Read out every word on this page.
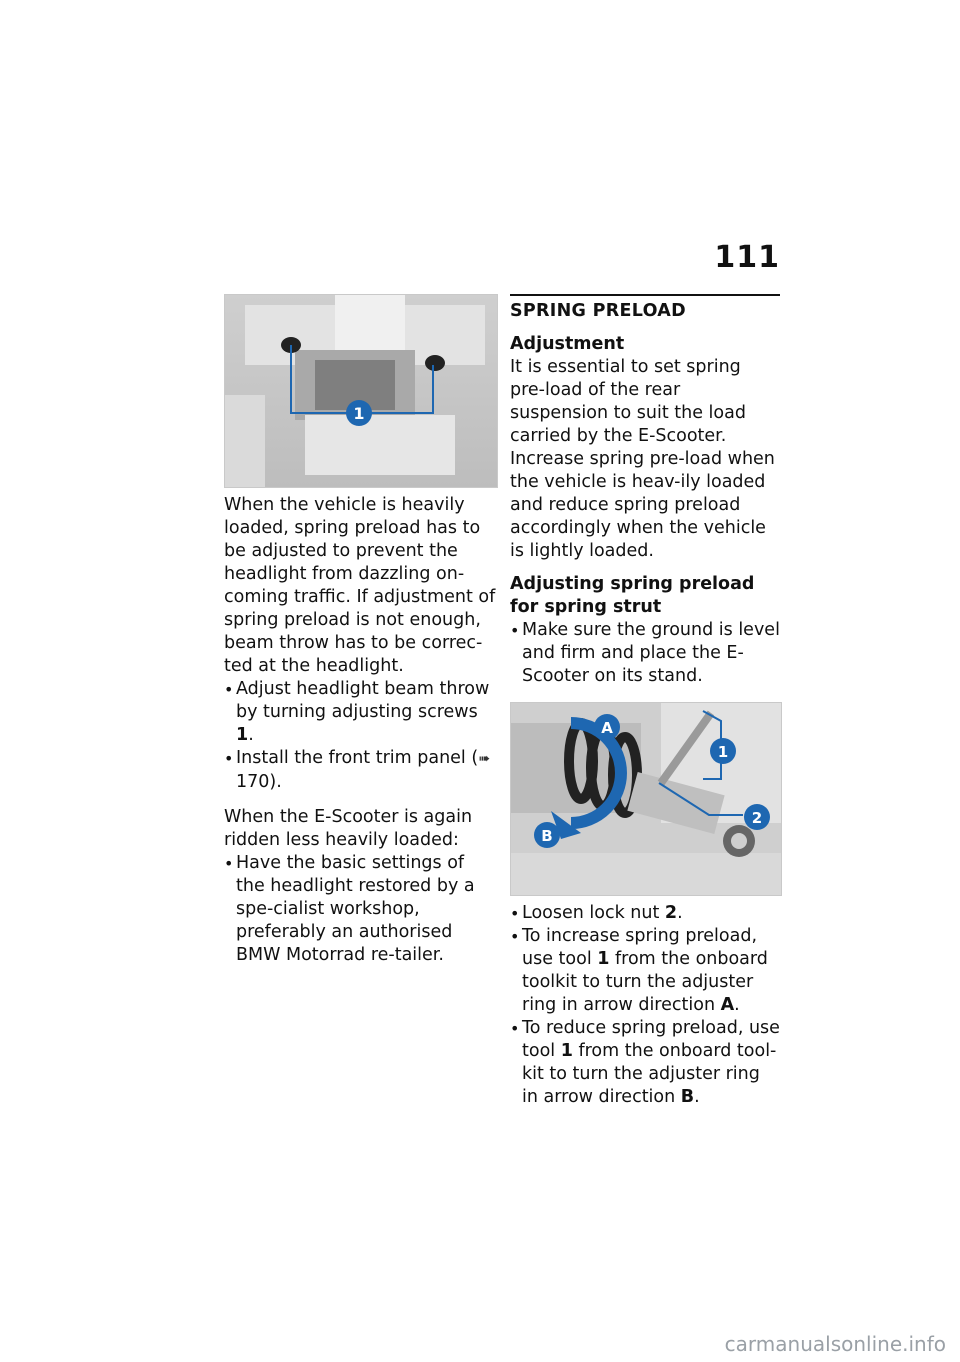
111
1

When the vehicle is heavily loaded, spring preload has to be adjusted to prevent the headlight from dazzling on-coming traffic. If adjustment of spring preload is not enough, beam throw has to be correc-ted at the headlight.

• Adjust headlight beam throw by turning adjusting screws 1.
• Install the front trim panel (➠ 170).

When the E-Scooter is again ridden less heavily loaded:

• Have the basic settings of the headlight restored by a spe-cialist workshop, preferably an authorised BMW Motorrad re-tailer.
SPRING PRELOAD
Adjustment

It is essential to set spring pre-load of the rear suspension to suit the load carried by the E-Scooter. Increase spring pre-load when the vehicle is heav-ily loaded and reduce spring preload accordingly when the vehicle is lightly loaded.

Adjusting spring preload for spring strut
• Make sure the ground is level and firm and place the E-Scooter on its stand.
A
B
1
2
• Loosen lock nut 2.
• To increase spring preload, use tool 1 from the onboard toolkit to turn the adjuster ring in arrow direction A.
• To reduce spring preload, use tool 1 from the onboard tool-kit to turn the adjuster ring in arrow direction B.
carmanualsonline.info
